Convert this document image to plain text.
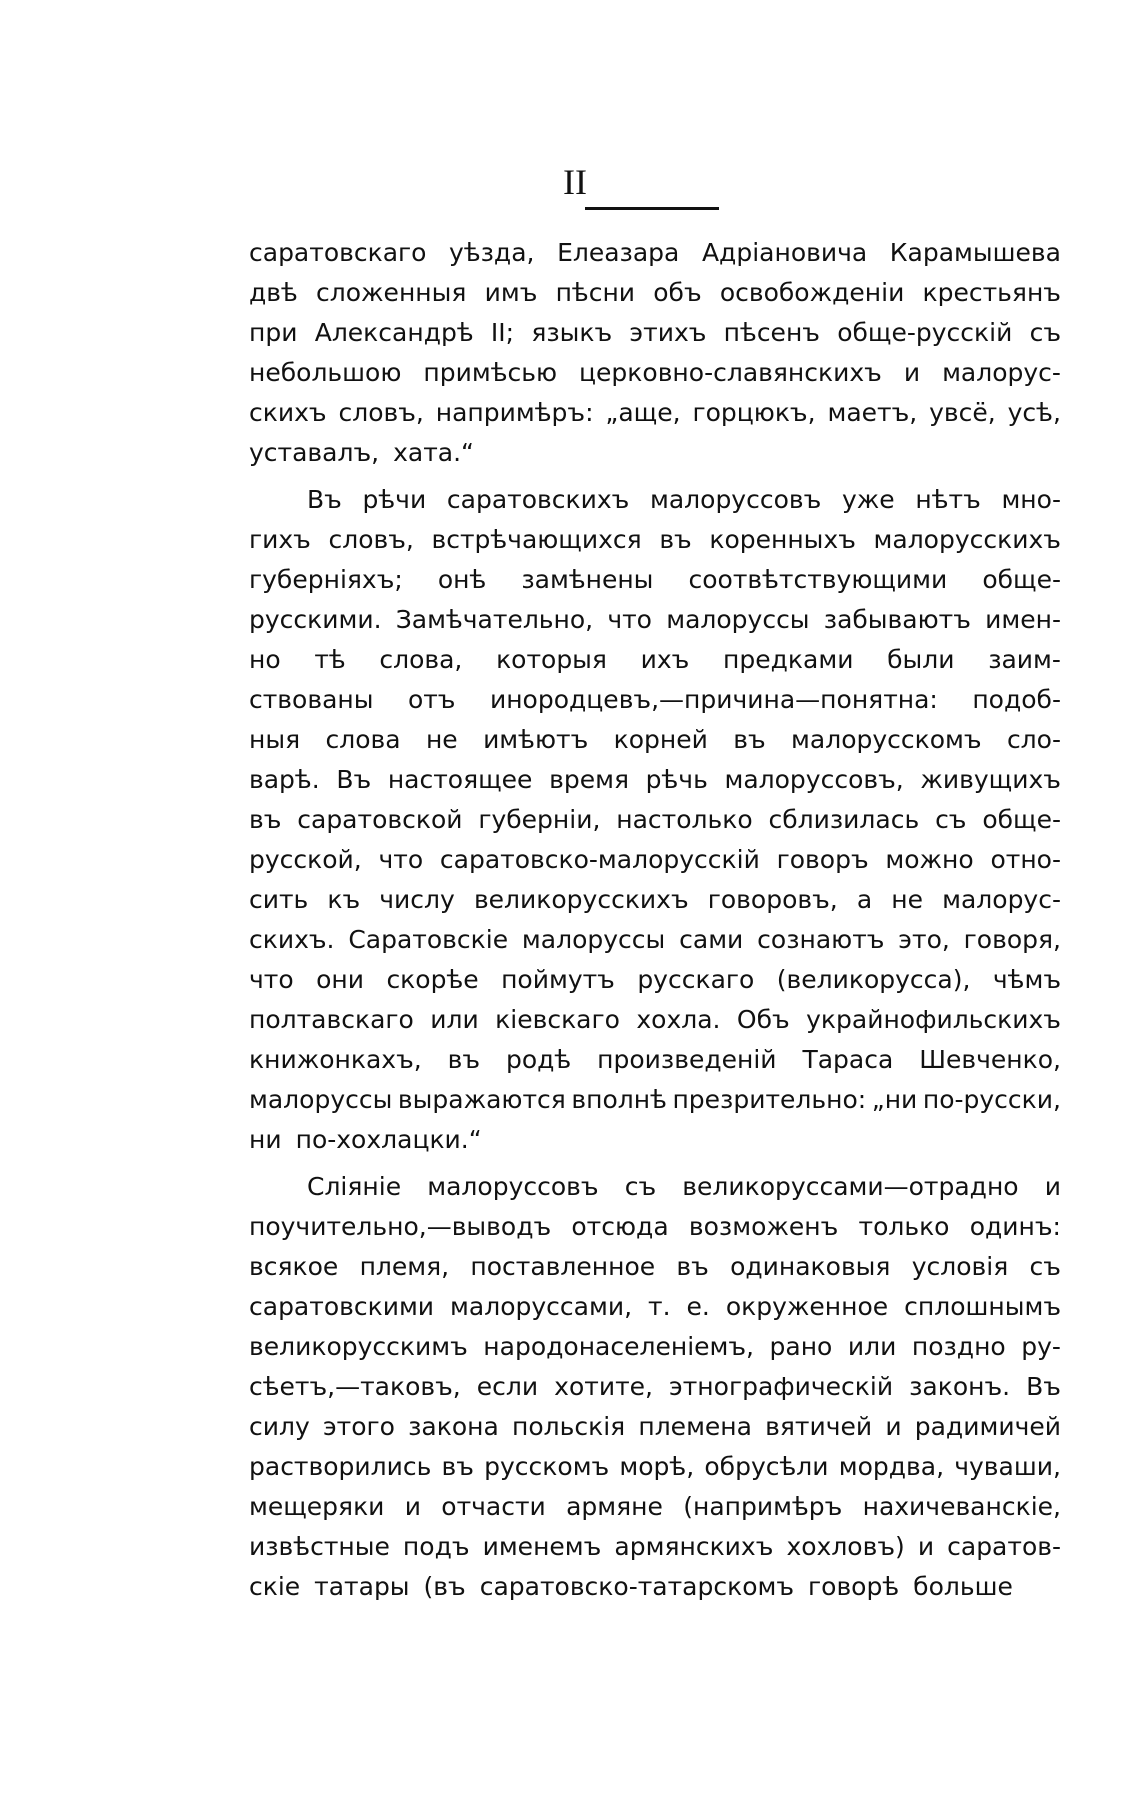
II
саратовскаго уѣзда, Елеазара Адріановича Карамышева
двѣ сложенныя имъ пѣсни объ освобожденіи крестьянъ
при Александрѣ II; языкъ этихъ пѣсенъ обще-русскій съ
небольшою примѣсью церковно-славянскихъ и малорус-
скихъ словъ, напримѣръ: „аще, горцюкъ, маетъ, увсё, усѣ,
уставалъ, хата.“
Въ рѣчи саратовскихъ малоруссовъ уже нѣтъ мно-
гихъ словъ, встрѣчающихся въ коренныхъ малорусскихъ
губерніяхъ; онѣ замѣнены соотвѣтствующими обще-
русскими. Замѣчательно, что малоруссы забываютъ имен-
но тѣ слова, которыя ихъ предками были заим-
ствованы отъ инородцевъ,—причина—понятна: подоб-
ныя слова не имѣютъ корней въ малорусскомъ сло-
варѣ. Въ настоящее время рѣчь малоруссовъ, живущихъ
въ саратовской губерніи, настолько сблизилась съ обще-
русской, что саратовско-малорусскій говоръ можно отно-
сить къ числу великорусскихъ говоровъ, а не малорус-
скихъ. Саратовскіе малоруссы сами сознаютъ это, говоря,
что они скорѣе поймутъ русскаго (великорусса), чѣмъ
полтавскаго или кіевскаго хохла. Объ украйнофильскихъ
книжонкахъ, въ родѣ произведеній Тараса Шевченко,
малоруссы выражаются вполнѣ презрительно: „ни по-русски,
ни по-хохлацки.“
Сліяніе малоруссовъ съ великоруссами—отрадно и
поучительно,—выводъ отсюда возможенъ только одинъ:
всякое племя, поставленное въ одинаковыя условія съ
саратовскими малоруссами, т. е. окруженное сплошнымъ
великорусскимъ народонаселеніемъ, рано или поздно ру-
сѣетъ,—таковъ, если хотите, этнографическій законъ. Въ
силу этого закона польскія племена вятичей и радимичей
растворились въ русскомъ морѣ, обрусѣли мордва, чуваши,
мещеряки и отчасти армяне (напримѣръ нахичеванскіе,
извѣстные подъ именемъ армянскихъ хохловъ) и саратов-
скіе татары (въ саратовско-татарскомъ говорѣ больше
